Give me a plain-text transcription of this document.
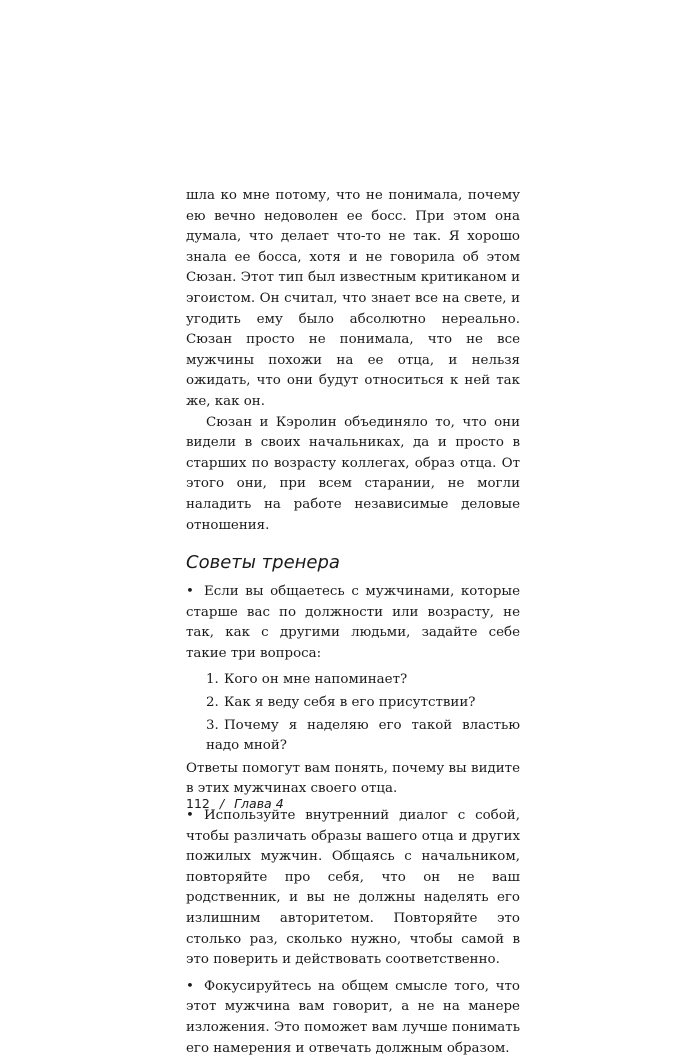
шла ко мне потому, что не понимала, почему ею вечно недоволен ее босс. При этом она думала, что делает что-то не так. Я хорошо знала ее босса, хотя и не говорила об этом Сюзан. Этот тип был известным критиканом и эгоистом. Он считал, что знает все на свете, и угодить ему было абсолютно нереально. Сюзан просто не понимала, что не все мужчины похожи на ее отца, и нельзя ожидать, что они будут относиться к ней так же, как он.

Сюзан и Кэролин объединяло то, что они видели в своих начальниках, да и просто в старших по возрасту коллегах, образ отца. От этого они, при всем старании, не могли наладить на работе независимые деловые отношения.

Советы тренера

• Если вы общаетесь с мужчинами, которые старше вас по должности или возрасту, не так, как с другими людьми, задайте себе такие три вопроса:

1. Кого он мне напоминает?
2. Как я веду себя в его присутствии?
3. Почему я наделяю его такой властью надо мной?

Ответы помогут вам понять, почему вы видите в этих мужчинах своего отца.

• Используйте внутренний диалог с собой, чтобы различать образы вашего отца и других пожилых мужчин. Общаясь с начальником, повторяйте про себя, что он не ваш родственник, и вы не должны наделять его излишним авторитетом. Повторяйте это столько раз, сколько нужно, чтобы самой в это поверить и действовать соответственно.

• Фокусируйтесь на общем смысле того, что этот мужчина вам говорит, а не на манере изложения. Это поможет вам лучше понимать его намерения и отвечать должным образом.

112 / Глава 4
